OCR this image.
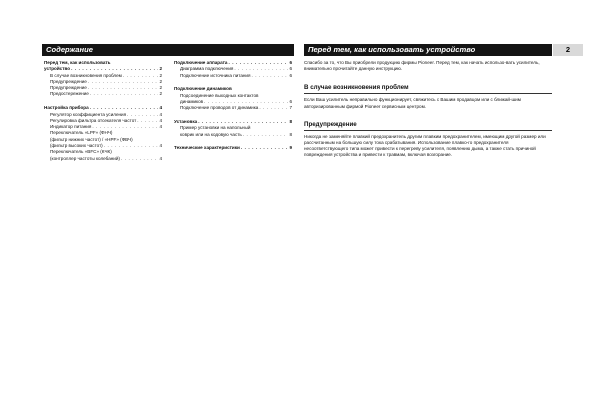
Содержание	Перед тем, как использовать устройство	2
Перед тем, как использовать
устройство . . .	2
В случае возникновения проблем . . .	2
Предупреждение . . .	2
Предупреждение . . .	2
Предостережение . . .	2
Настройка прибора . . .	4
Регулятор коэффициента усиления . . .	4
Регулировка фильтра отсекателя частот . . .	4
Индикатор питания . . .	4
Переключатель «LPF» (ФНЧ)
(фильтр нижних частот) / «HPF» (ФВЧ)
(фильтр высоких частот) . . .	4
Переключатель «BFC» (КЧК)
(контроллер частоты колебаний) . . .	4
Подключение аппарата . . .	6
Диаграмма подключения . . .	6
Подключение источника питания . . .	6
Подключение динамиков
Подсоединение выходных контактов
динамиков . . .	6
Подключение проводов от динамика . . .	7
Установка . . .	8
Пример установки на напольный
коврик или на кодовую часть . . .	8
Технические характеристики . . .	9

Спасибо за то, что Вы приобрели продукцию фирмы Pioneer. Перед тем, как начать использо-вать усилитель, внимательно прочитайте данную инструкцию.

В случае возникновения проблем

Если Ваш усилитель неправильно функционирует, свяжитесь с Вашим продавцом или с ближай-шим авторизированным фирмой Pioneer сервисным центром.

Предупреждение

Никогда не заменяйте плавкий предохранитель другим плавким предохранителем, имеющим другой размер или рассчитанным на большую силу тока срабатывания. Использование плавко-го предохранителя несоответствующего типа может привести к перегреву усилителя, появлению дыма, а также стать причиной повреждения устройства и привести к травмам, включая возгорание.
